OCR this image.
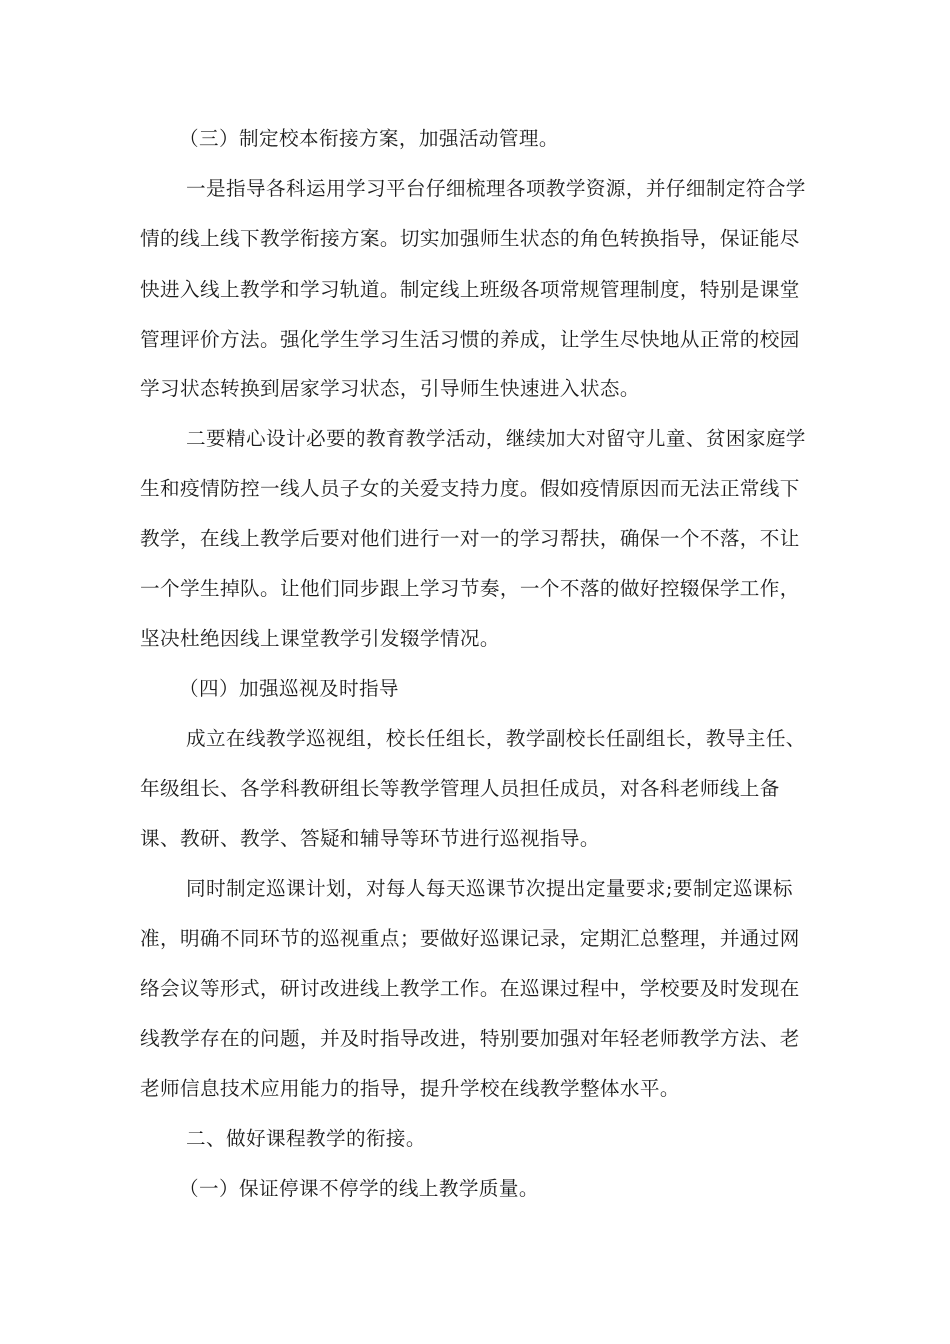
（三）制定校本衔接方案，加强活动管理。
一是指导各科运用学习平台仔细梳理各项教学资源，并仔细制定符合学
情的线上线下教学衔接方案。切实加强师生状态的角色转换指导，保证能尽
快进入线上教学和学习轨道。制定线上班级各项常规管理制度，特别是课堂
管理评价方法。强化学生学习生活习惯的养成，让学生尽快地从正常的校园
学习状态转换到居家学习状态，引导师生快速进入状态。
二要精心设计必要的教育教学活动，继续加大对留守儿童、贫困家庭学
生和疫情防控一线人员子女的关爱支持力度。假如疫情原因而无法正常线下
教学，在线上教学后要对他们进行一对一的学习帮扶，确保一个不落，不让
一个学生掉队。让他们同步跟上学习节奏，一个不落的做好控辍保学工作，
坚决杜绝因线上课堂教学引发辍学情况。
（四）加强巡视及时指导
成立在线教学巡视组，校长任组长，教学副校长任副组长，教导主任、
年级组长、各学科教研组长等教学管理人员担任成员，对各科老师线上备
课、教研、教学、答疑和辅导等环节进行巡视指导。
同时制定巡课计划，对每人每天巡课节次提出定量要求;要制定巡课标
准，明确不同环节的巡视重点；要做好巡课记录，定期汇总整理，并通过网
络会议等形式，研讨改进线上教学工作。在巡课过程中，学校要及时发现在
线教学存在的问题，并及时指导改进，特别要加强对年轻老师教学方法、老
老师信息技术应用能力的指导，提升学校在线教学整体水平。
二、做好课程教学的衔接。
（一）保证停课不停学的线上教学质量。
